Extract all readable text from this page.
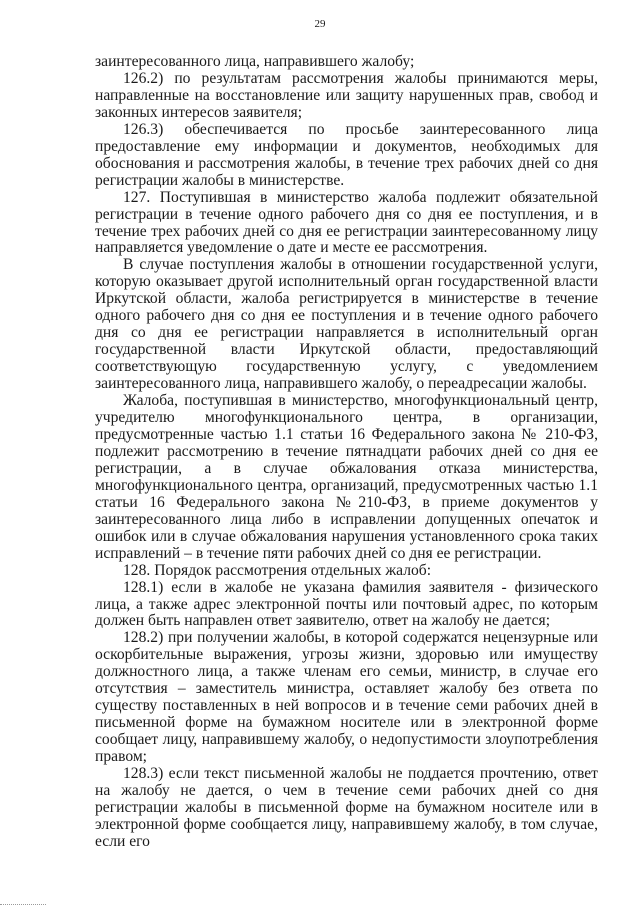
29

заинтересованного лица, направившего жалобу;

126.2) по результатам рассмотрения жалобы принимаются меры, направленные на восстановление или защиту нарушенных прав, свобод и законных интересов заявителя;

126.3) обеспечивается по просьбе заинтересованного лица предоставление ему информации и документов, необходимых для обоснования и рассмотрения жалобы, в течение трех рабочих дней со дня регистрации жалобы в министерстве.

127. Поступившая в министерство жалоба подлежит обязательной регистрации в течение одного рабочего дня со дня ее поступления, и в течение трех рабочих дней со дня ее регистрации заинтересованному лицу направляется уведомление о дате и месте ее рассмотрения.

В случае поступления жалобы в отношении государственной услуги, которую оказывает другой исполнительный орган государственной власти Иркутской области, жалоба регистрируется в министерстве в течение одного рабочего дня со дня ее поступления и в течение одного рабочего дня со дня ее регистрации направляется в исполнительный орган государственной власти Иркутской области, предоставляющий соответствующую государственную услугу, с уведомлением заинтересованного лица, направившего жалобу, о переадресации жалобы.

Жалоба, поступившая в министерство, многофункциональный центр, учредителю многофункционального центра, в организации, предусмотренные частью 1.1 статьи 16 Федерального закона № 210-ФЗ, подлежит рассмотрению в течение пятнадцати рабочих дней со дня ее регистрации, а в случае обжалования отказа министерства, многофункционального центра, организаций, предусмотренных частью 1.1 статьи 16 Федерального закона №210-ФЗ, в приеме документов у заинтересованного лица либо в исправлении допущенных опечаток и ошибок или в случае обжалования нарушения установленного срока таких исправлений – в течение пяти рабочих дней со дня ее регистрации.

128. Порядок рассмотрения отдельных жалоб:

128.1) если в жалобе не указана фамилия заявителя - физического лица, а также адрес электронной почты или почтовый адрес, по которым должен быть направлен ответ заявителю, ответ на жалобу не дается;

128.2) при получении жалобы, в которой содержатся нецензурные или оскорбительные выражения, угрозы жизни, здоровью или имуществу должностного лица, а также членам его семьи, министр, в случае его отсутствия – заместитель министра, оставляет жалобу без ответа по существу поставленных в ней вопросов и в течение семи рабочих дней в письменной форме на бумажном носителе или в электронной форме сообщает лицу, направившему жалобу, о недопустимости злоупотребления правом;

128.3) если текст письменной жалобы не поддается прочтению, ответ на жалобу не дается, о чем в течение семи рабочих дней со дня регистрации жалобы в письменной форме на бумажном носителе или в электронной форме сообщается лицу, направившему жалобу, в том случае, если его
